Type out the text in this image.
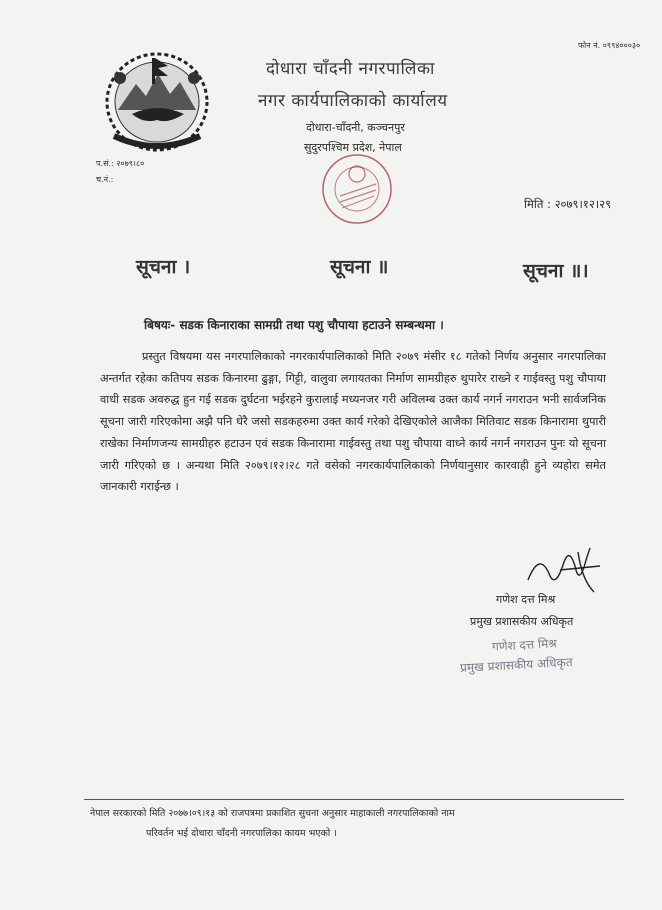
फोन नं. ०९९४०००३०
दोधारा चाँदनी नगरपालिका
नगर कार्यपालिकाको कार्यालय
दोधारा-चाँदनी, कञ्चनपुर
सुदुरपश्चिम प्रदेश, नेपाल
प.सं.: २०७९।८०
च.नं.:
मिति : २०७९।१२।२९
सूचना ।	सूचना ॥	सूचना ॥।
बिषयः- सडक किनाराका सामग्री तथा पशु चौपाया हटाउने सम्बन्धमा ।
प्रस्तुत विषयमा यस नगरपालिकाको नगरकार्यपालिकाको मिति २०७९ मंसीर १८ गतेको निर्णय अनुसार नगरपालिका अन्तर्गत रहेका कतिपय सडक किनारमा ढुङ्गा, गिट्टी, वालुवा लगायतका निर्माण सामग्रीहरु थुपारेर राख्ने र गाईवस्तु पशु चौपाया वाधी सडक अवरुद्ध हुन गई सडक दुर्घटना भईरहने कुरालाई मध्यनजर गरी अविलम्ब उक्त कार्य नगर्न नगराउन भनी सार्वजनिक सूचना जारी गरिएकोमा अझै पनि धेरै जसो सडकहरुमा उक्त कार्य गरेको देखिएकोले आजैका मितिवाट सडक किनारामा थुपारी राखेका निर्माणजन्य सामग्रीहरु हटाउन एवं सडक किनारामा गाईवस्तु तथा पशु चौपाया वाध्ने कार्य नगर्न नगराउन पुनः यो सूचना जारी गरिएको छ । अन्यथा मिति २०७९।१२।२८ गते वसेको नगरकार्यपालिकाको निर्णयानुसार कारवाही हुने व्यहोरा समेत जानकारी गराईन्छ ।
गणेश दत्त मिश्र
प्रमुख प्रशासकीय अधिकृत
गणेश दत्त मिश्र
प्रमुख प्रशासकीय अधिकृत
नेपाल सरकारको मिति २०७७।०९।१३ को राजपत्रमा प्रकाशित सुचना अनुसार माहाकाली नगरपालिकाको नाम
परिवर्तन भई दोधारा चाँदनी नगरपालिका कायम भएको ।
